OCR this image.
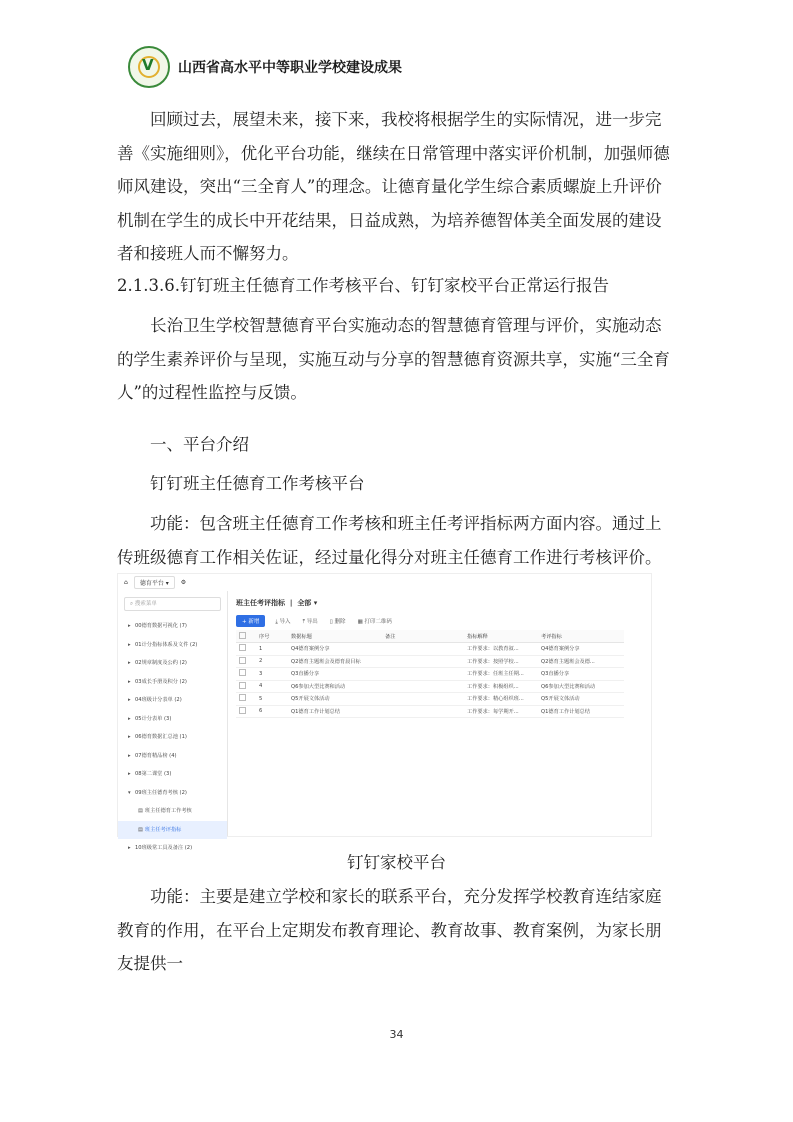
V
山西省高水平中等职业学校建设成果

回顾过去，展望未来，接下来，我校将根据学生的实际情况，进一步完善《实施细则》，优化平台功能，继续在日常管理中落实评价机制，加强师德师风建设，突出“三全育人”的理念。让德育量化学生综合素质螺旋上升评价机制在学生的成长中开花结果，日益成熟，为培养德智体美全面发展的建设者和接班人而不懈努力。

2.1.3.6.钉钉班主任德育工作考核平台、钉钉家校平台正常运行报告

长治卫生学校智慧德育平台实施动态的智慧德育管理与评价，实施动态的学生素养评价与呈现，实施互动与分享的智慧德育资源共享，实施“三全育人”的过程性监控与反馈。

一、平台介绍

钉钉班主任德育工作考核平台

功能：包含班主任德育工作考核和班主任考评指标两方面内容。通过上传班级德育工作相关佐证，经过量化得分对班主任德育工作进行考核评价。

⌂	德育平台 ▾	⚙
⌕ 搜索菜单
▸ 00德育数据可视化 (7)
▸ 01计分指标体系及文件 (2)
▸ 02规章制度及公约 (2)
▸ 03成长手册及积分 (2)
▸ 04班级计分表单 (2)
▸ 05计分表单 (3)
▸ 06德育数据汇总池 (1)
▸ 07德育精品榜 (4)
▸ 08第二课堂 (3)
▾ 09班主任德育考核 (2)
▤ 班主任德育工作考核
▤ 班主任考评指标
▸ 10班级常工具及备注 (2)
班主任考评指标  |  全部 ▾
+ 新增	⤓ 导入 ⤒ 导出 ▯ 删除 ▦ 打印二维码
	序号	数据标题	备注	指标解释	考评指标
	1	Q4德育案例分享		工作要求：以教育叙...	Q4德育案例分享
	2	Q2德育主题班会及德育晨目标		工作要求：按照学校...	Q2德育主题班会及德...
	3	Q3直播分享		工作要求：任班主任期...	Q3直播分享
	4	Q6参加大型比赛和活动		工作要求：积极组织...	Q6参加大型比赛和活动
	5	Q5开展文体活动		工作要求：精心组织班...	Q5开展文体活动
	6	Q1德育工作计划总结		工作要求：每学期开...	Q1德育工作计划总结
钉钉家校平台

功能：主要是建立学校和家长的联系平台，充分发挥学校教育连结家庭教育的作用，在平台上定期发布教育理论、教育故事、教育案例，为家长朋友提供一

34
